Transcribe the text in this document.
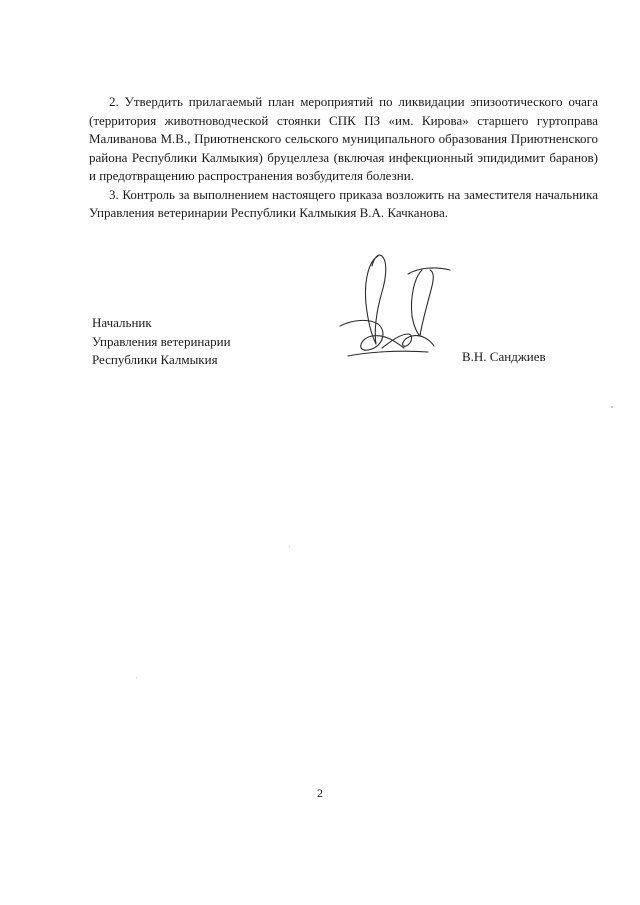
2. Утвердить прилагаемый план мероприятий по ликвидации эпизоотического очага (территория животноводческой стоянки СПК ПЗ «им. Кирова» старшего гуртоправа Маливанова М.В., Приютненского сельского муниципального образования Приютненского района Республики Калмыкия) бруцеллеза (включая инфекционный эпидидимит баранов) и предотвращению распространения возбудителя болезни.

3. Контроль за выполнением настоящего приказа возложить на заместителя начальника Управления ветеринарии Республики Калмыкия В.А. Качканова.

Начальник
Управления ветеринарии
Республики Калмыкия	В.Н. Санджиев
2
